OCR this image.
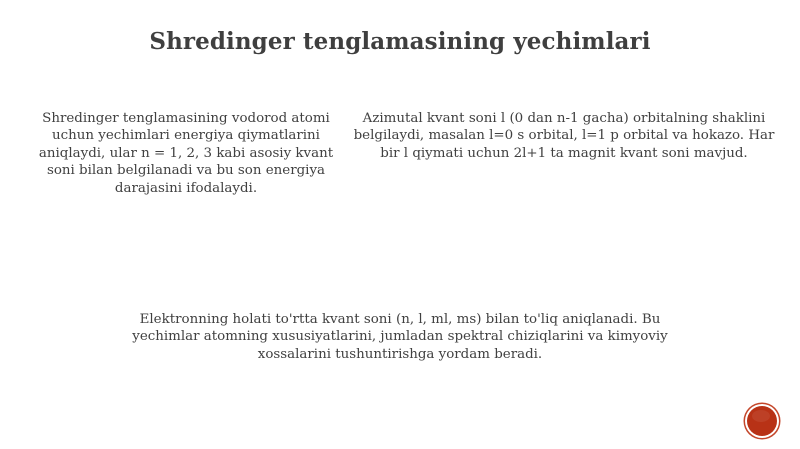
Shredinger tenglamasining yechimlari
Shredinger tenglamasining vodorod atomi uchun yechimlari energiya qiymatlarini aniqlaydi, ular n = 1, 2, 3 kabi asosiy kvant soni bilan belgilanadi va bu son energiya darajasini ifodalaydi.
Azimutal kvant soni l (0 dan n-1 gacha) orbitalning shaklini belgilaydi, masalan l=0 s orbital, l=1 p orbital va hokazo. Har bir l qiymati uchun 2l+1 ta magnit kvant soni mavjud.
Elektronning holati to'rtta kvant soni (n, l, ml, ms) bilan to'liq aniqlanadi. Bu yechimlar atomning xususiyatlarini, jumladan spektral chiziqlarini va kimyoviy xossalarini tushuntirishga yordam beradi.
